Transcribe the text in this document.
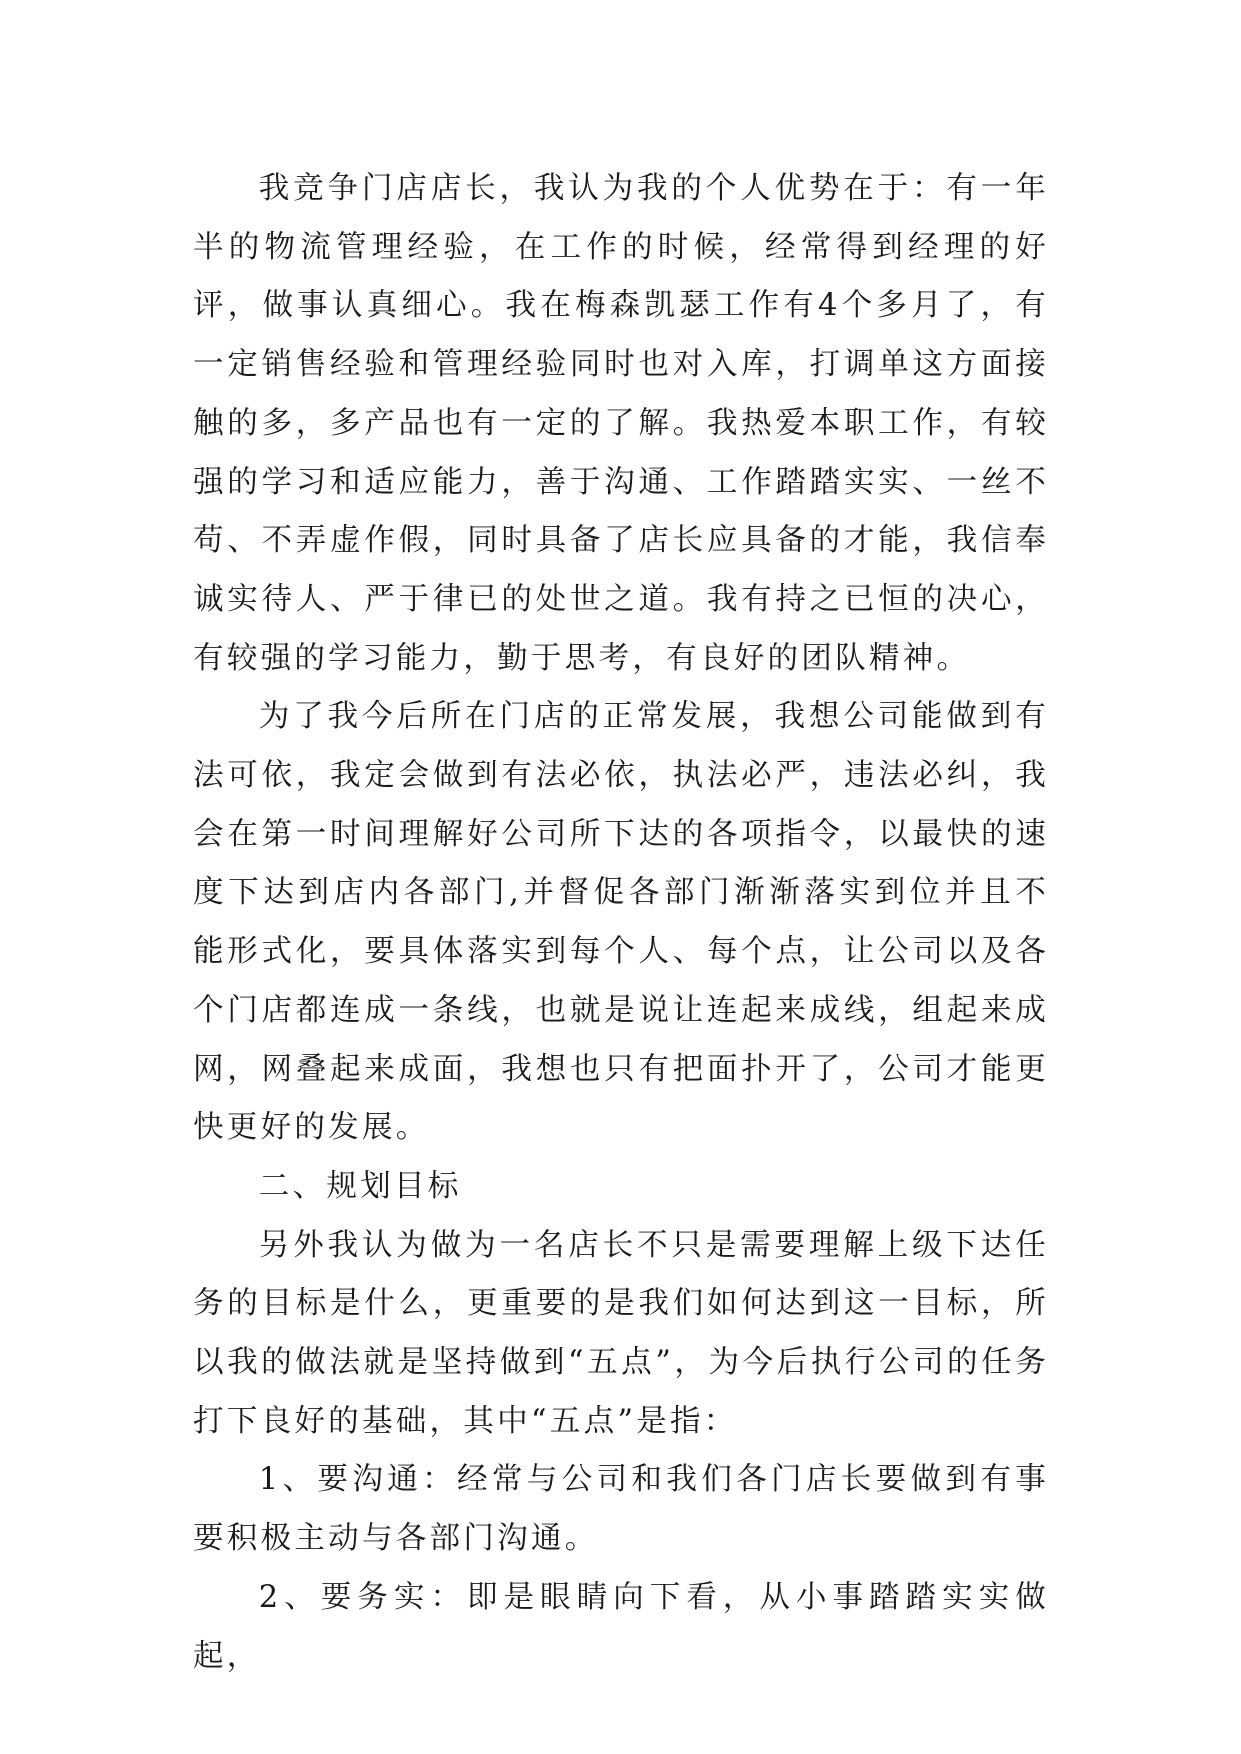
我竞争门店店长，我认为我的个人优势在于：有一年半的物流管理经验，在工作的时候，经常得到经理的好评，做事认真细心。我在梅森凯瑟工作有4个多月了，有一定销售经验和管理经验同时也对入库，打调单这方面接触的多，多产品也有一定的了解。我热爱本职工作，有较强的学习和适应能力，善于沟通、工作踏踏实实、一丝不苟、不弄虚作假，同时具备了店长应具备的才能，我信奉诚实待人、严于律已的处世之道。我有持之已恒的决心，有较强的学习能力，勤于思考，有良好的团队精神。

为了我今后所在门店的正常发展，我想公司能做到有法可依，我定会做到有法必依，执法必严，违法必纠，我会在第一时间理解好公司所下达的各项指令，以最快的速度下达到店内各部门,并督促各部门渐渐落实到位并且不能形式化，要具体落实到每个人、每个点，让公司以及各个门店都连成一条线，也就是说让连起来成线，组起来成网，网叠起来成面，我想也只有把面扑开了，公司才能更快更好的发展。

二、规划目标

另外我认为做为一名店长不只是需要理解上级下达任务的目标是什么，更重要的是我们如何达到这一目标，所以我的做法就是坚持做到“五点”，为今后执行公司的任务打下良好的基础，其中“五点”是指：

1、要沟通：经常与公司和我们各门店长要做到有事要积极主动与各部门沟通。

2、要务实：即是眼睛向下看，从小事踏踏实实做起，
